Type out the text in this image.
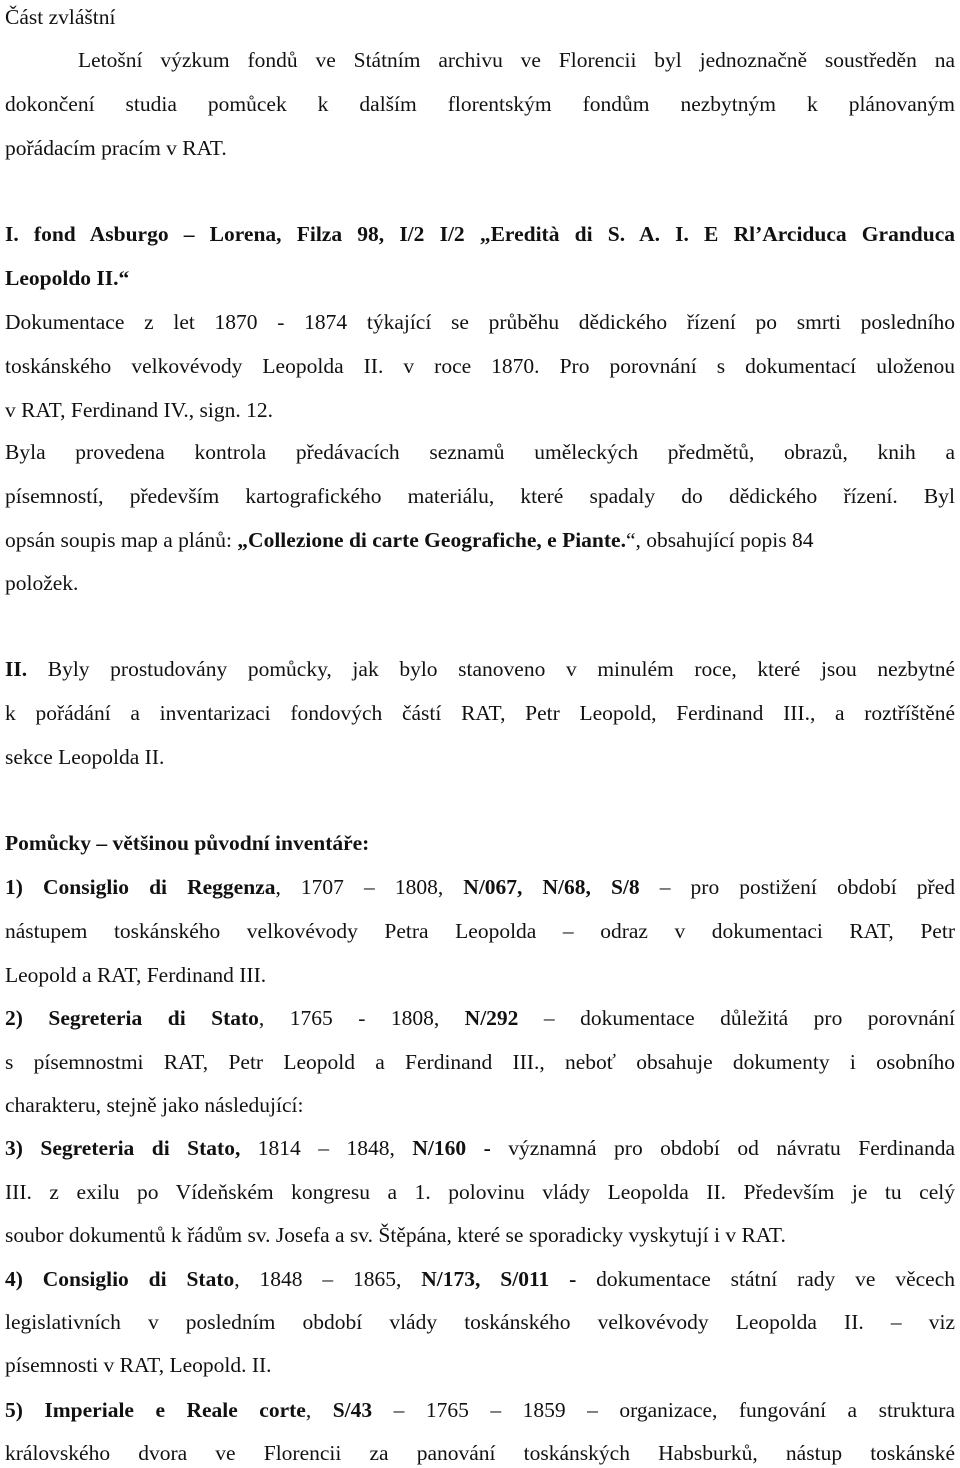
Část zvláštní
Letošní výzkum fondů ve Státním archivu ve Florencii byl jednoznačně soustředěn na
dokončení studia pomůcek k dalším florentským fondům nezbytným k plánovaným
pořádacím pracím v RAT.
I. fond Asburgo – Lorena, Filza 98, I/2 I/2 „Eredità di S. A. I. E Rl’Arciduca Granduca
Leopoldo II.“
Dokumentace z let 1870 - 1874 týkající se průběhu dědického řízení po smrti posledního
toskánského velkovévody Leopolda II. v roce 1870. Pro porovnání s dokumentací uloženou
v RAT, Ferdinand IV., sign. 12.
Byla provedena kontrola předávacích seznamů uměleckých předmětů, obrazů, knih a
písemností, především kartografického materiálu, které spadaly do dědického řízení. Byl
opsán soupis map a plánů: „Collezione di carte Geografiche, e Piante.“, obsahující popis 84
položek.
II. Byly prostudovány pomůcky, jak bylo stanoveno v minulém roce, které jsou nezbytné
k pořádání a inventarizaci fondových částí RAT, Petr Leopold, Ferdinand III., a roztříštěné
sekce Leopolda II.
Pomůcky – většinou původní inventáře:
1) Consiglio di Reggenza, 1707 – 1808, N/067, N/68, S/8 – pro postižení období před
nástupem toskánského velkovévody Petra Leopolda – odraz v dokumentaci RAT, Petr
Leopold a RAT, Ferdinand III.
2) Segreteria di Stato, 1765 - 1808, N/292 – dokumentace důležitá pro porovnání
s písemnostmi RAT, Petr Leopold a Ferdinand III., neboť obsahuje dokumenty i osobního
charakteru, stejně jako následující:
3) Segreteria di Stato, 1814 – 1848, N/160 - významná pro období od návratu Ferdinanda
III. z exilu po Vídeňském kongresu a 1. polovinu vlády Leopolda II. Především je tu celý
soubor dokumentů k řádům sv. Josefa a sv. Štěpána, které se sporadicky vyskytují i v RAT.
4) Consiglio di Stato, 1848 – 1865, N/173, S/011 - dokumentace státní rady ve věcech
legislativních v posledním období vlády toskánského velkovévody Leopolda II. – viz
písemnosti v RAT, Leopold. II.
5) Imperiale e Reale corte, S/43 – 1765 – 1859 – organizace, fungování a struktura
královského dvora ve Florencii za panování toskánských Habsburků, nástup toskánské
